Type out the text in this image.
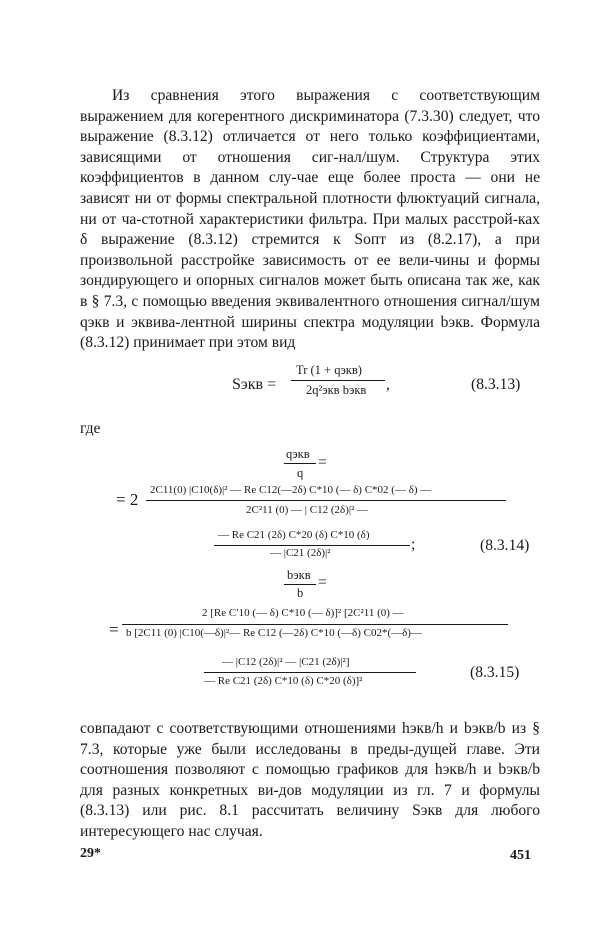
Из сравнения этого выражения с соответствующим выражением для когерентного дискриминатора (7.3.30) следует, что выражение (8.3.12) отличается от него только коэффициентами, зависящими от отношения сиг-нал/шум. Структура этих коэффициентов в данном слу-чае еще более проста — они не зависят ни от формы спектральной плотности флюктуаций сигнала, ни от ча-стотной характеристики фильтра. При малых расстрой-ках δ выражение (8.3.12) стремится к Sопт из (8.2.17), а при произвольной расстройке зависимость от ее вели-чины и формы зондирующего и опорных сигналов может быть описана так же, как в § 7.3, с помощью введения эквивалентного отношения сигнал/шум qэкв и эквива-лентной ширины спектра модуляции bэкв. Формула (8.3.12) принимает при этом вид

Sэкв =
Tr (1 + qэкв)
2q²экв bэкв ,	(8.3.13)
где
qэкв
q
=
= 2 2C11(0) |C10(δ)|² — Re C12(—2δ) C*10 (— δ) C*02 (— δ) —
2C²11 (0) — | C12 (2δ)|² —
— Re C21 (2δ) C*20 (δ) C*10 (δ)
— |C21 (2δ)|²	;	(8.3.14)
bэкв
b
=
=
2 [Re C′10 (— δ) C*10 (— δ)]² [2C²11 (0) —
b [2C11 (0) |C10(—δ)|²— Re C12 (—2δ) C*10 (—δ) C02*(—δ)—
— |C12 (2δ)|² — |C21 (2δ)|²]
— Re C21 (2δ) C*10 (δ) C*20 (δ)]²	(8.3.15)

совпадают с соответствующими отношениями hэкв/h и bэкв/b из § 7.3, которые уже были исследованы в преды-дущей главе. Эти соотношения позволяют с помощью графиков для hэкв/h и bэкв/b для разных конкретных ви-дов модуляции из гл. 7 и формулы (8.3.13) или рис. 8.1 рассчитать величину Sэкв для любого интересующего нас случая.

29*	451
